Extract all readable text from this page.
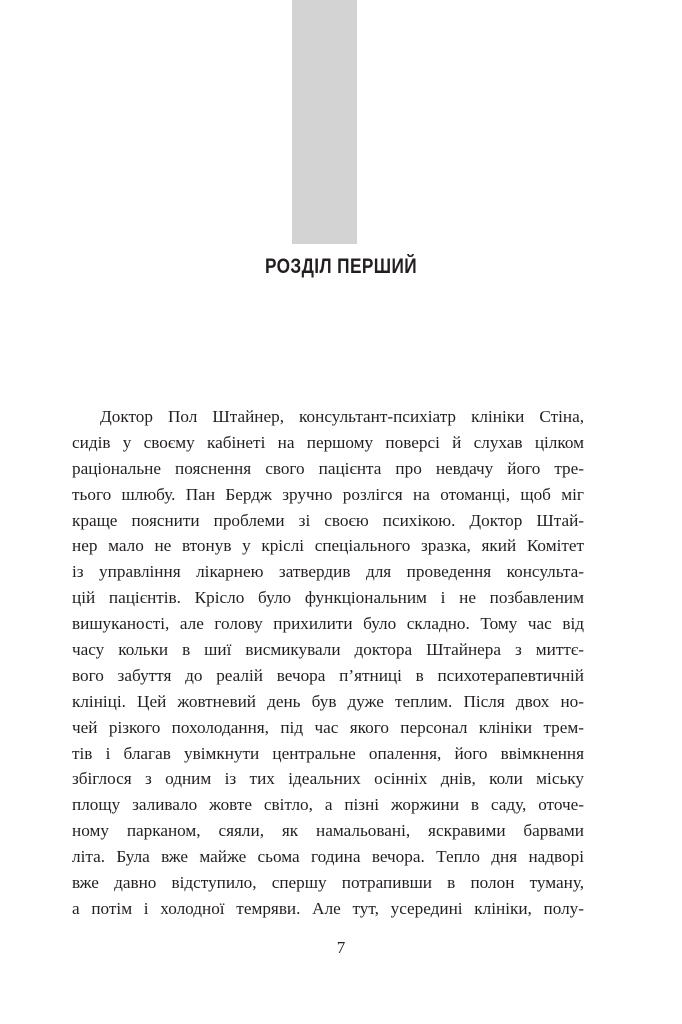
РОЗДІЛ ПЕРШИЙ
Доктор Пол Штайнер, консультант-психіатр клініки Стіна,
сидів у своєму кабінеті на першому поверсі й слухав цілком
раціональне пояснення свого пацієнта про невдачу його тре-
тього шлюбу. Пан Бердж зручно розлігся на отоманці, щоб міг
краще пояснити проблеми зі своєю психікою. Доктор Штай-
нер мало не втонув у кріслі спеціального зразка, який Комітет
із управління лікарнею затвердив для проведення консульта-
цій пацієнтів. Крісло було функціональним і не позбавленим
вишуканості, але голову прихилити було складно. Тому час від
часу кольки в шиї висмикували доктора Штайнера з миттє-
вого забуття до реалій вечора п’ятниці в психотерапевтичній
клініці. Цей жовтневий день був дуже теплим. Після двох но-
чей різкого похолодання, під час якого персонал клініки трем-
тів і благав увімкнути центральне опалення, його ввімкнення
збіглося з одним із тих ідеальних осінніх днів, коли міську
площу заливало жовте світло, а пізні жоржини в саду, оточе-
ному парканом, сяяли, як намальовані, яскравими барвами
літа. Була вже майже сьома година вечора. Тепло дня надворі
вже давно відступило, спершу потрапивши в полон туману,
а потім і холодної темряви. Але тут, усередині клініки, полу-
7
